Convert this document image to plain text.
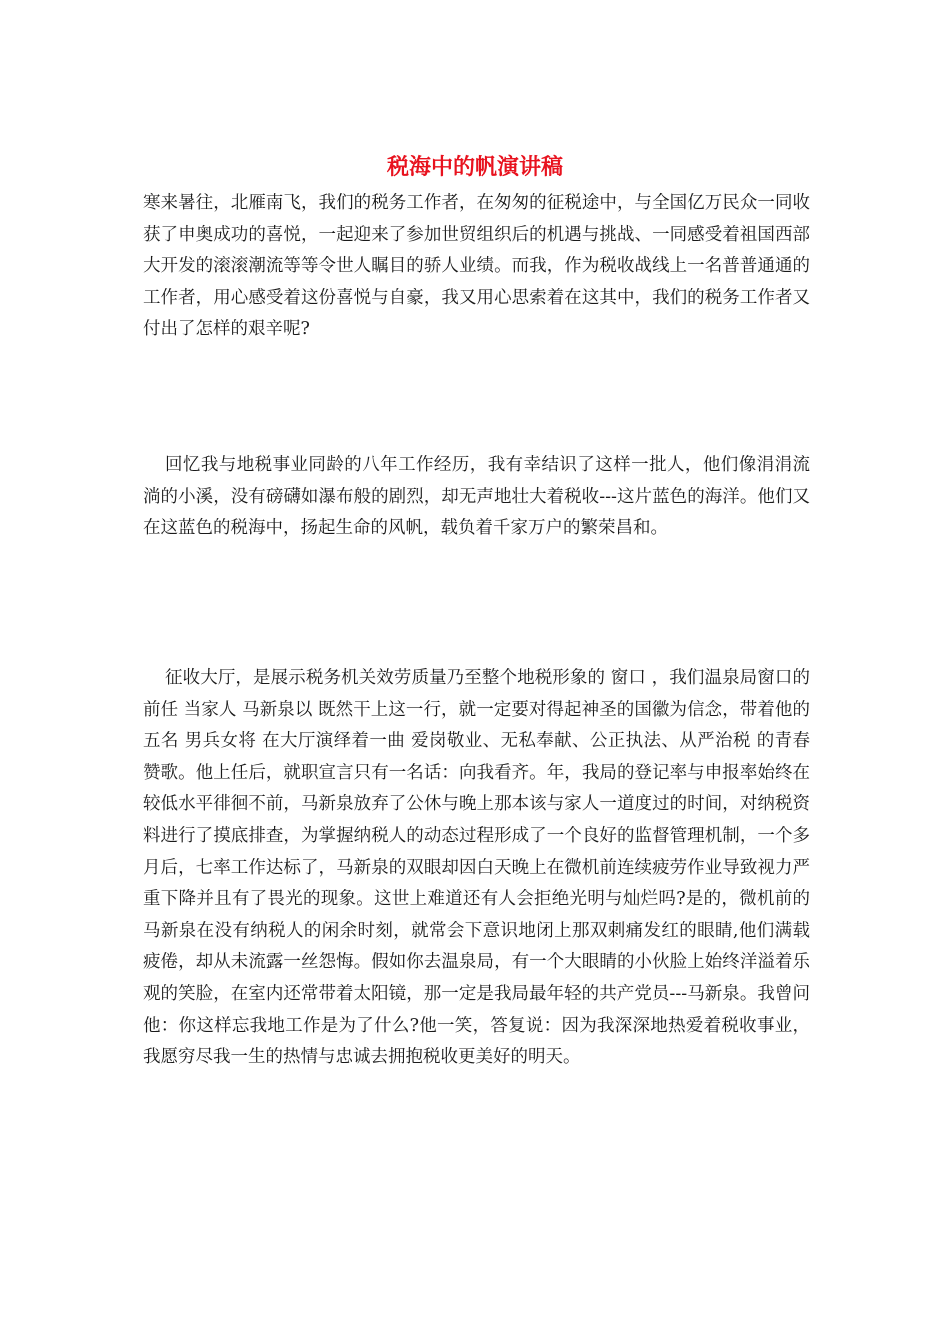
税海中的帆演讲稿

寒来暑往，北雁南飞，我们的税务工作者，在匆匆的征税途中，与全国亿万民众一同收获了申奥成功的喜悦，一起迎来了参加世贸组织后的机遇与挑战、一同感受着祖国西部大开发的滚滚潮流等等令世人瞩目的骄人业绩。而我，作为税收战线上一名普普通通的工作者，用心感受着这份喜悦与自豪，我又用心思索着在这其中，我们的税务工作者又付出了怎样的艰辛呢?

回忆我与地税事业同龄的八年工作经历，我有幸结识了这样一批人，他们像涓涓流淌的小溪，没有磅礴如瀑布般的剧烈，却无声地壮大着税收---这片蓝色的海洋。他们又在这蓝色的税海中，扬起生命的风帆，载负着千家万户的繁荣昌和。

征收大厅，是展示税务机关效劳质量乃至整个地税形象的 窗口 ，我们温泉局窗口的前任 当家人 马新泉以 既然干上这一行，就一定要对得起神圣的国徽为信念，带着他的五名 男兵女将 在大厅演绎着一曲 爱岗敬业、无私奉献、公正执法、从严治税 的青春赞歌。他上任后，就职宣言只有一名话：向我看齐。年，我局的登记率与申报率始终在较低水平徘徊不前，马新泉放弃了公休与晚上那本该与家人一道度过的时间，对纳税资料进行了摸底排查，为掌握纳税人的动态过程形成了一个良好的监督管理机制，一个多月后，七率工作达标了，马新泉的双眼却因白天晚上在微机前连续疲劳作业导致视力严重下降并且有了畏光的现象。这世上难道还有人会拒绝光明与灿烂吗?是的，微机前的马新泉在没有纳税人的闲余时刻，就常会下意识地闭上那双刺痛发红的眼睛,他们满载疲倦，却从未流露一丝怨悔。假如你去温泉局，有一个大眼睛的小伙脸上始终洋溢着乐观的笑脸，在室内还常带着太阳镜，那一定是我局最年轻的共产党员---马新泉。我曾问他：你这样忘我地工作是为了什么?他一笑，答复说：因为我深深地热爱着税收事业，我愿穷尽我一生的热情与忠诚去拥抱税收更美好的明天。
